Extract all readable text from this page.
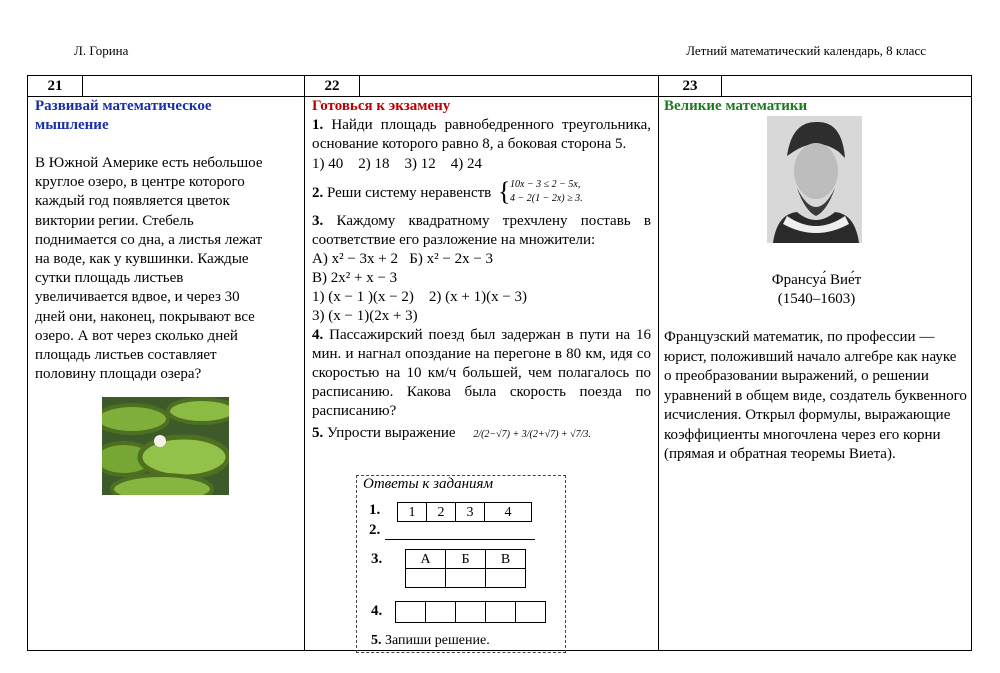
Л. Горина	Летний математический календарь, 8 класс
21	22	23
Развивай математическое
мышление
В Южной Америке есть небольшое
круглое озеро, в центре которого
каждый год появляется цветок
виктории регии. Стебель
поднимается со дна, а листья лежат
на воде, как у кувшинки. Каждые
сутки площадь листьев
увеличивается вдвое, и через 30
дней они, наконец, покрывают все
озеро. А вот через сколько дней
площадь листьев составляет
половину площади озера?
Готовься к экзамену

1. Найди площадь равнобедренного треугольника, основание которого равно 8, а боковая сторона 5.

1) 40    2) 18    3) 12    4) 24

2. Реши систему неравенств { 10x − 3 ≤ 2 − 5x,
4 − 2(1 − 2x) ≥ 3.

3. Каждому квадратному трехчлену поставь в соответствие его разложение на множители:

А) x² − 3x + 2 Б) x² − 2x − 3

В) 2x² + x − 3

1) (x − 1 )(x − 2)    2) (x + 1)(x − 3)

3) (x − 1)(2x + 3)

4. Пассажирский поезд был задержан в пути на 16 мин. и нагнал опоздание на перегоне в 80 км, идя со скоростью на 10 км/ч большей, чем полагалось по расписанию. Какова была скорость поезда по расписанию?

5. Упрости выражение 2/(2−√7) + 3/(2+√7) + √7/3.

Великие математики
Франсуа́ Вие́т
(1540–1603)

Французский математик, по профессии — юрист, положивший начало алгебре как науке о преобразовании выражений, о решении уравнений в общем виде, создатель буквенного исчисления. Открыл формулы, выражающие коэффициенты многочлена через его корни (прямая и обратная теоремы Виета).

Ответы к заданиям
1.	1	2	3	4
2.
3.	А	Б	В
4.
5. Запиши решение.
